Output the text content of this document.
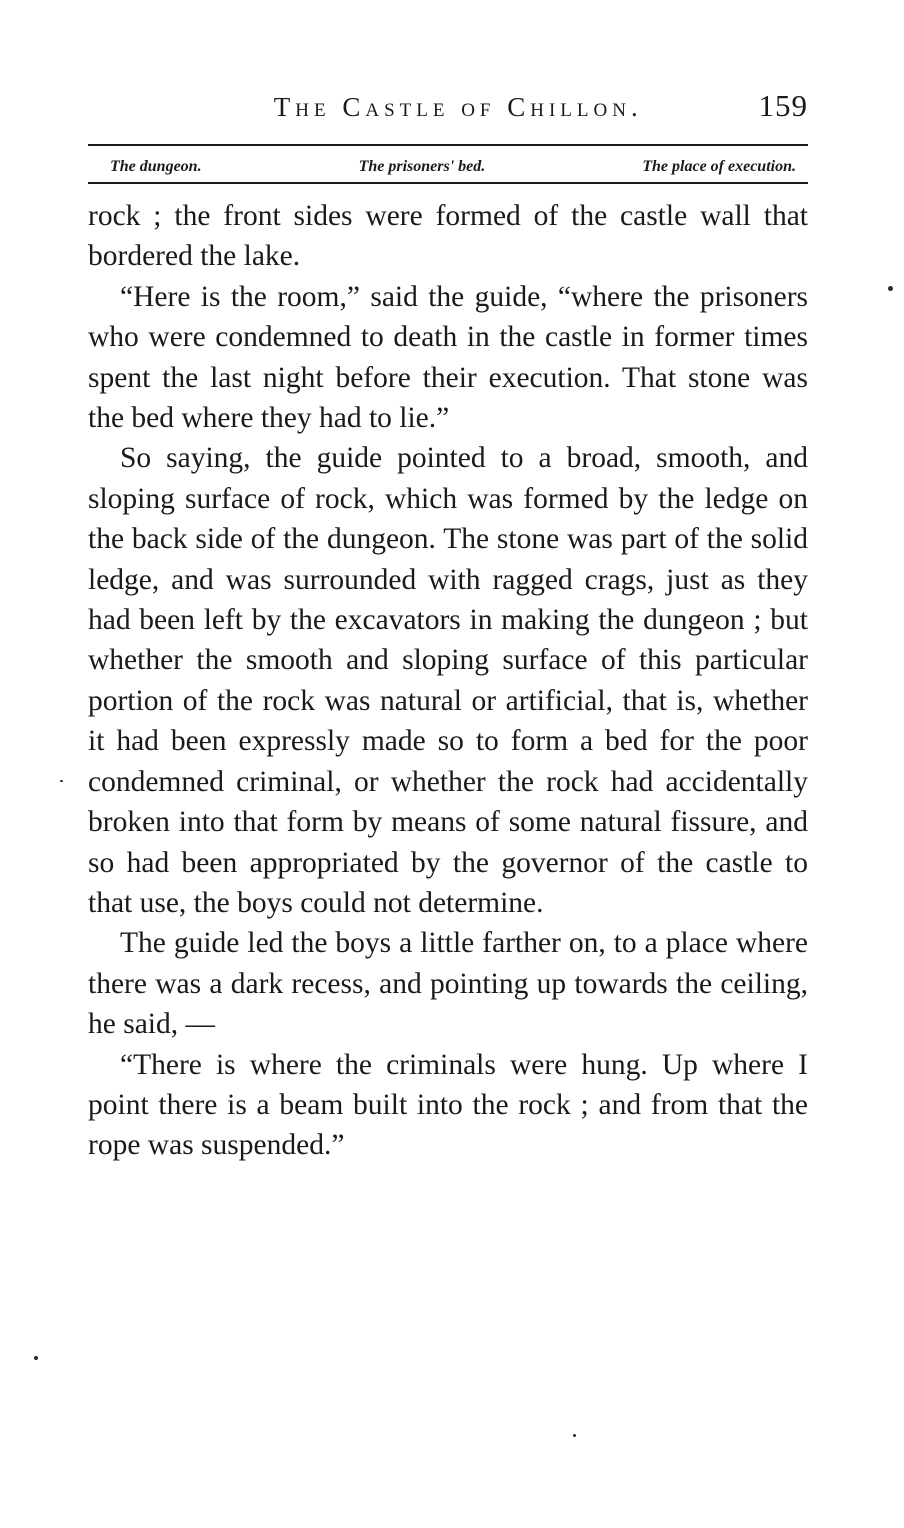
The Castle of Chillon.	159
The dungeon.	The prisoners' bed.	The place of execution.

rock ; the front sides were formed of the castle wall that bordered the lake.

“Here is the room,” said the guide, “where the prisoners who were condemned to death in the castle in former times spent the last night before their execution. That stone was the bed where they had to lie.”

So saying, the guide pointed to a broad, smooth, and sloping surface of rock, which was formed by the ledge on the back side of the dungeon. The stone was part of the solid ledge, and was surrounded with ragged crags, just as they had been left by the excavators in making the dungeon ; but whether the smooth and sloping surface of this particular portion of the rock was natural or artificial, that is, whether it had been expressly made so to form a bed for the poor condemned criminal, or whether the rock had accidentally broken into that form by means of some natural fissure, and so had been appropriated by the governor of the castle to that use, the boys could not determine.

The guide led the boys a little farther on, to a place where there was a dark recess, and pointing up towards the ceiling, he said, —

“There is where the criminals were hung. Up where I point there is a beam built into the rock ; and from that the rope was suspended.”
